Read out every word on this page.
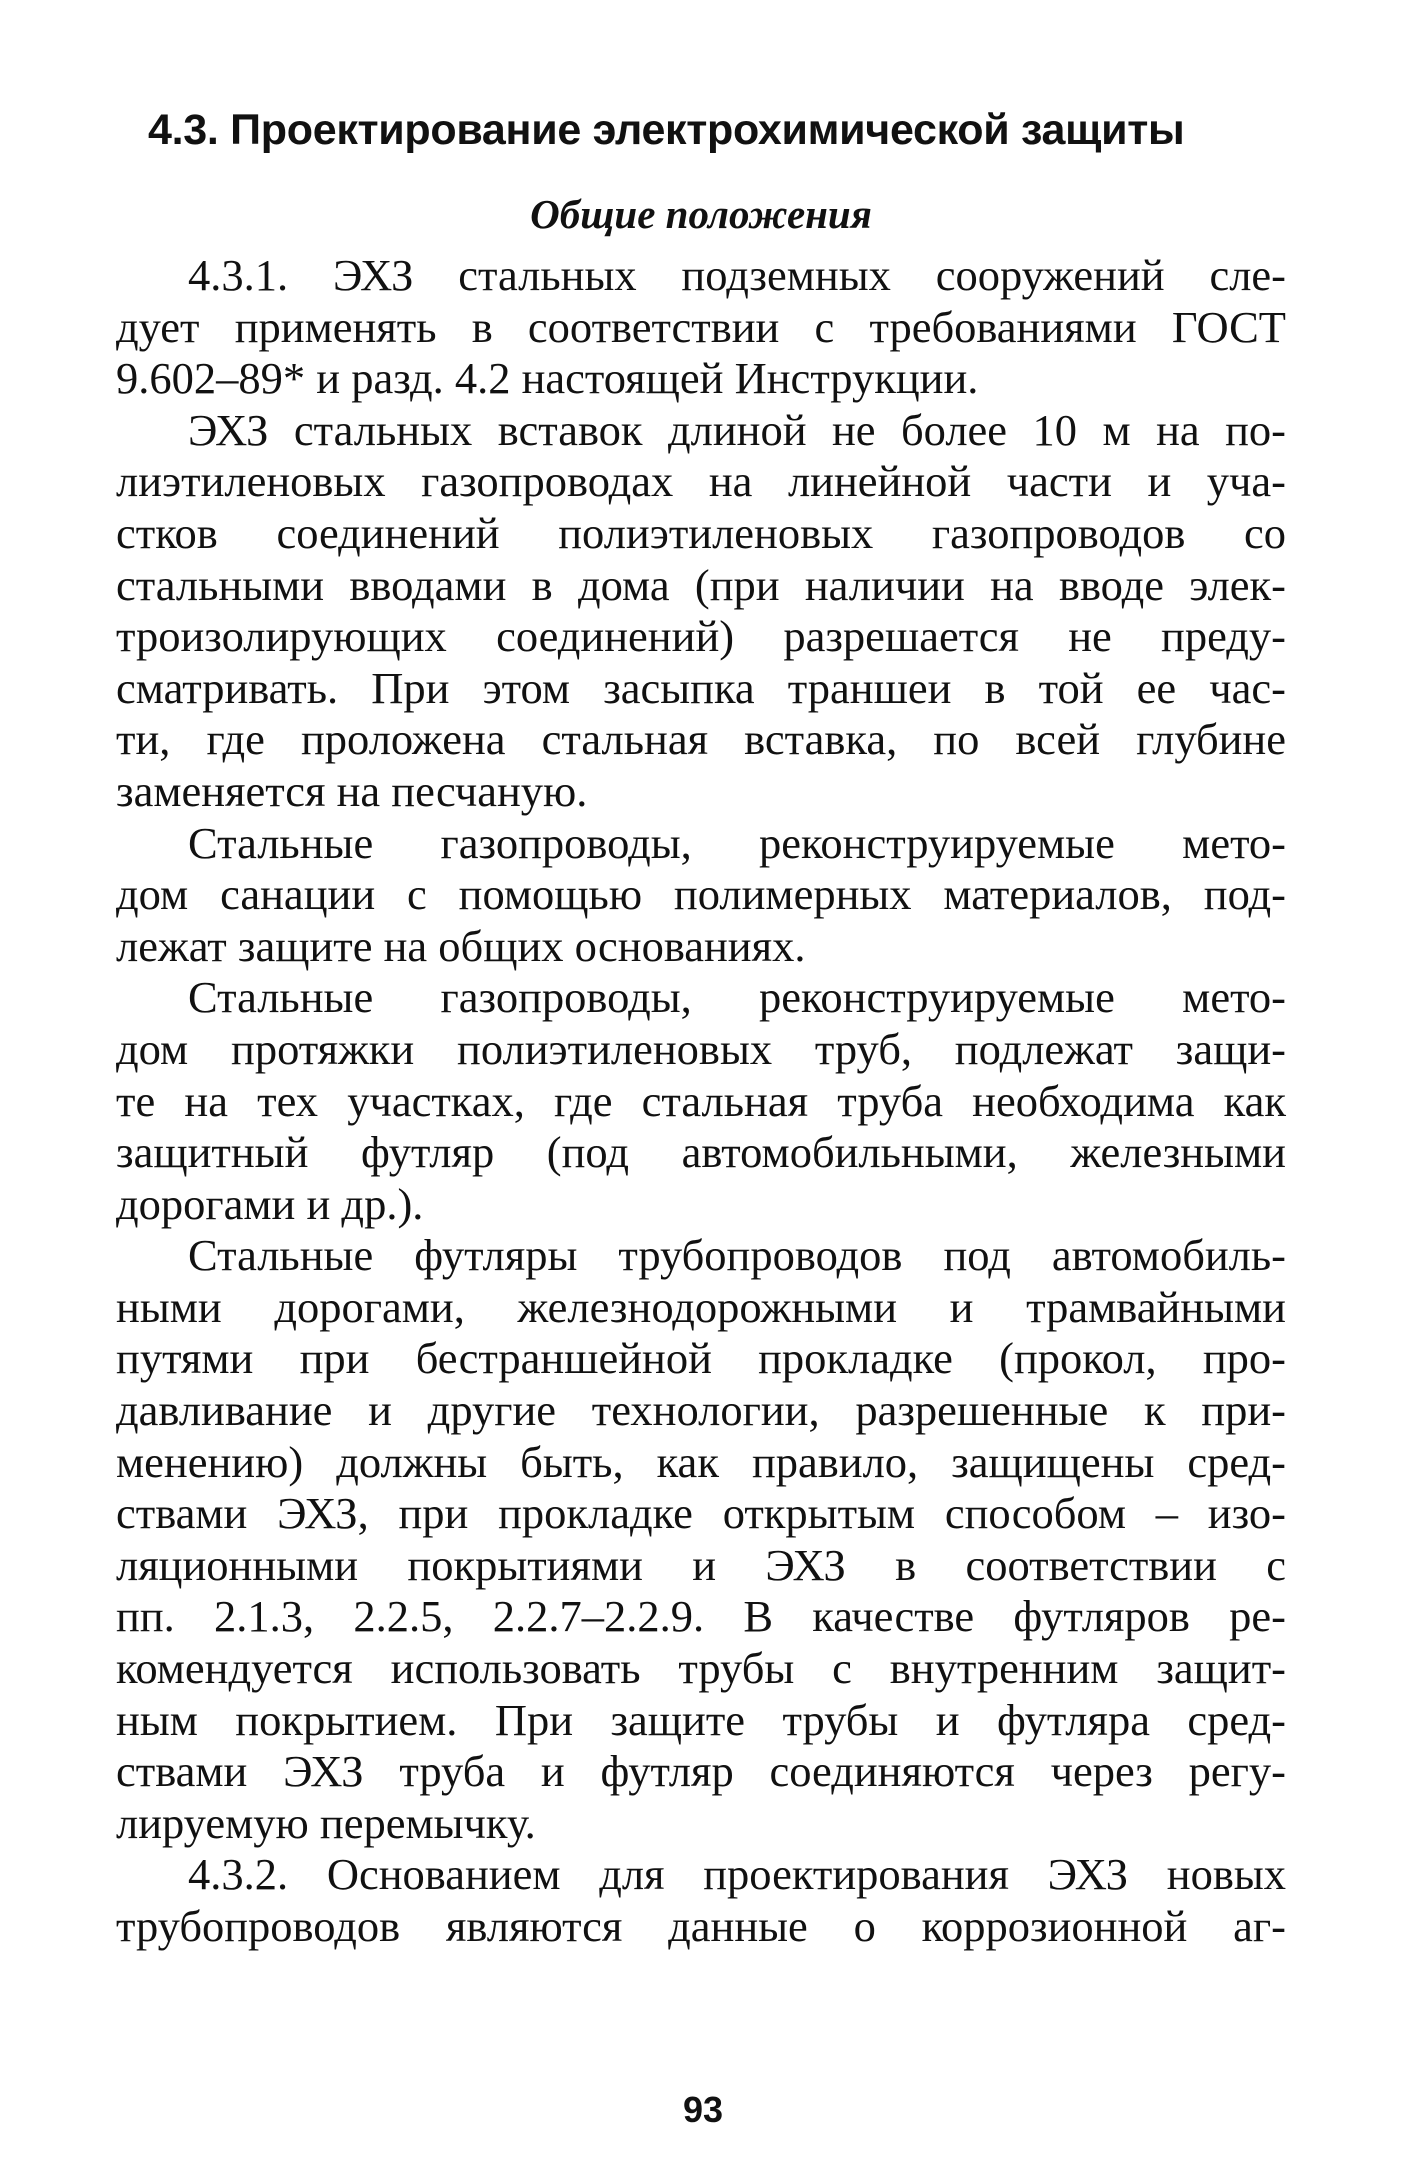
4.3. Проектирование электрохимической защиты
Общие положения
4.3.1. ЭХЗ стальных подземных сооружений сле-
дует применять в соответствии с требованиями ГОСТ
9.602–89* и разд. 4.2 настоящей Инструкции.
ЭХЗ стальных вставок длиной не более 10 м на по-
лиэтиленовых газопроводах на линейной части и уча-
стков соединений полиэтиленовых газопроводов со
стальными вводами в дома (при наличии на вводе элек-
троизолирующих соединений) разрешается не преду-
сматривать. При этом засыпка траншеи в той ее час-
ти, где проложена стальная вставка, по всей глубине
заменяется на песчаную.
Стальные газопроводы, реконструируемые мето-
дом санации с помощью полимерных материалов, под-
лежат защите на общих основаниях.
Стальные газопроводы, реконструируемые мето-
дом протяжки полиэтиленовых труб, подлежат защи-
те на тех участках, где стальная труба необходима как
защитный футляр (под автомобильными, железными
дорогами и др.).
Стальные футляры трубопроводов под автомобиль-
ными дорогами, железнодорожными и трамвайными
путями при бестраншейной прокладке (прокол, про-
давливание и другие технологии, разрешенные к при-
менению) должны быть, как правило, защищены сред-
ствами ЭХЗ, при прокладке открытым способом – изо-
ляционными покрытиями и ЭХЗ в соответствии с
пп. 2.1.3, 2.2.5, 2.2.7–2.2.9. В качестве футляров ре-
комендуется использовать трубы с внутренним защит-
ным покрытием. При защите трубы и футляра сред-
ствами ЭХЗ труба и футляр соединяются через регу-
лируемую перемычку.
4.3.2. Основанием для проектирования ЭХЗ новых
трубопроводов являются данные о коррозионной аг-
93
